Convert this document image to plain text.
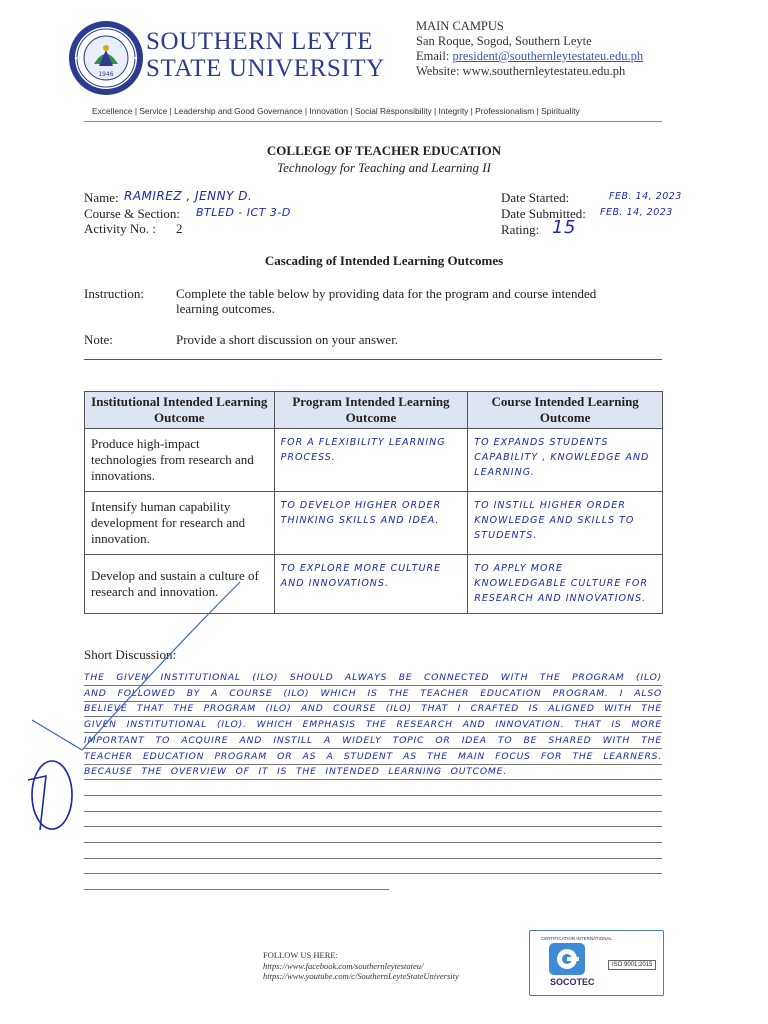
1946
SOUTHERN LEYTE
STATE UNIVERSITY
MAIN CAMPUS
San Roque, Sogod, Southern Leyte
Email: president@southernleytestateu.edu.ph
Website: www.southernleytestateu.edu.ph
Excellence | Service | Leadership and Good Governance | Innovation | Social Responsibility | Integrity | Professionalism | Spirituality
COLLEGE OF TEACHER EDUCATION
Technology for Teaching and Learning II
Name: RAMIREZ , JENNY D.
Course & Section: BTLED - ICT 3-D
Activity No. : 2
Date Started:	FEB. 14, 2023
Date Submitted: FEB. 14, 2023
Rating: 15
Cascading of Intended Learning Outcomes
Instruction: Complete the table below by providing data for the program and course intended learning outcomes.
Note:	Provide a short discussion on your answer.
Institutional Intended Learning Outcome	Program Intended Learning Outcome	Course Intended Learning Outcome
Produce high-impact technologies from research and innovations.	FOR A FLEXIBILITY LEARNING PROCESS.	TO EXPANDS STUDENTS CAPABILITY , KNOWLEDGE AND LEARNING.
Intensify human capability development for research and innovation.	TO DEVELOP HIGHER ORDER THINKING SKILLS AND IDEA.	TO INSTILL HIGHER ORDER KNOWLEDGE AND SKILLS TO STUDENTS.
Develop and sustain a culture of research and innovation.	TO EXPLORE MORE CULTURE AND INNOVATIONS.	TO APPLY MORE KNOWLEDGABLE CULTURE FOR RESEARCH AND INNOVATIONS.
Short Discussion:
THE GIVEN INSTITUTIONAL (ILO) SHOULD ALWAYS BE CONNECTED WITH THE PROGRAM (ILO) AND FOLLOWED BY A COURSE (ILO) WHICH IS THE TEACHER EDUCATION PROGRAM. I ALSO BELIEVE THAT THE PROGRAM (ILO) AND COURSE (ILO) THAT I CRAFTED IS ALIGNED WITH THE GIVEN INSTITUTIONAL (ILO). WHICH EMPHASIS THE RESEARCH AND INNOVATION. THAT IS MORE IMPORTANT TO ACQUIRE AND INSTILL A WIDELY TOPIC OR IDEA TO BE SHARED WITH THE TEACHER EDUCATION PROGRAM OR AS A STUDENT AS THE MAIN FOCUS FOR THE LEARNERS. BECAUSE THE OVERVIEW OF IT IS THE INTENDED LEARNING OUTCOME.
10
FOLLOW US HERE:
https://www.facebook.com/southernleytestateu/
https://www.youtube.com/c/SouthernLeyteStateUniversity
CERTIFICATION INTERNATIONAL
ISO 9001:2015
SOCOTEC
